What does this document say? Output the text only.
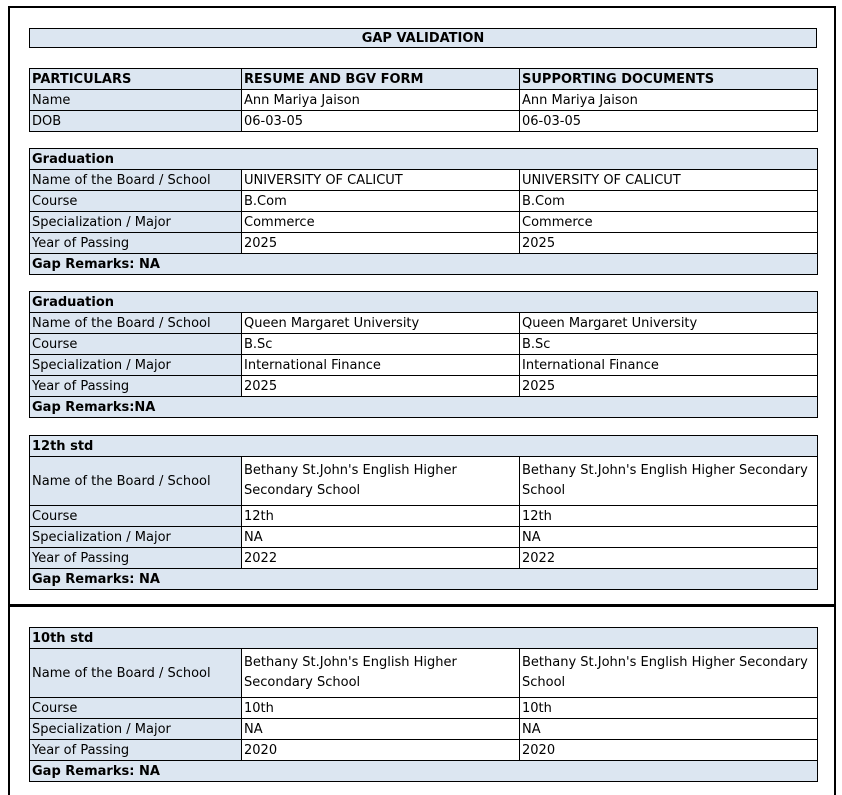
GAP VALIDATION
PARTICULARS	RESUME AND BGV FORM	SUPPORTING DOCUMENTS
Name	Ann Mariya Jaison	Ann Mariya Jaison
DOB	06-03-05	06-03-05
Graduation		
Name of the Board / School	UNIVERSITY OF CALICUT	UNIVERSITY OF CALICUT
Course	B.Com	B.Com
Specialization / Major	Commerce	Commerce
Year of Passing	2025	2025
Gap Remarks: NA		
Graduation		
Name of the Board / School	Queen Margaret University	Queen Margaret University
Course	B.Sc	B.Sc
Specialization / Major	International Finance	International Finance
Year of Passing	2025	2025
Gap Remarks:NA		
12th std		
Name of the Board / School	Bethany St.John's English Higher Secondary School	Bethany St.John's English Higher Secondary School
Course	12th	12th
Specialization / Major	NA	NA
Year of Passing	2022	2022
Gap Remarks: NA		
10th std		
Name of the Board / School	Bethany St.John's English Higher Secondary School	Bethany St.John's English Higher Secondary School
Course	10th	10th
Specialization / Major	NA	NA
Year of Passing	2020	2020
Gap Remarks: NA		
